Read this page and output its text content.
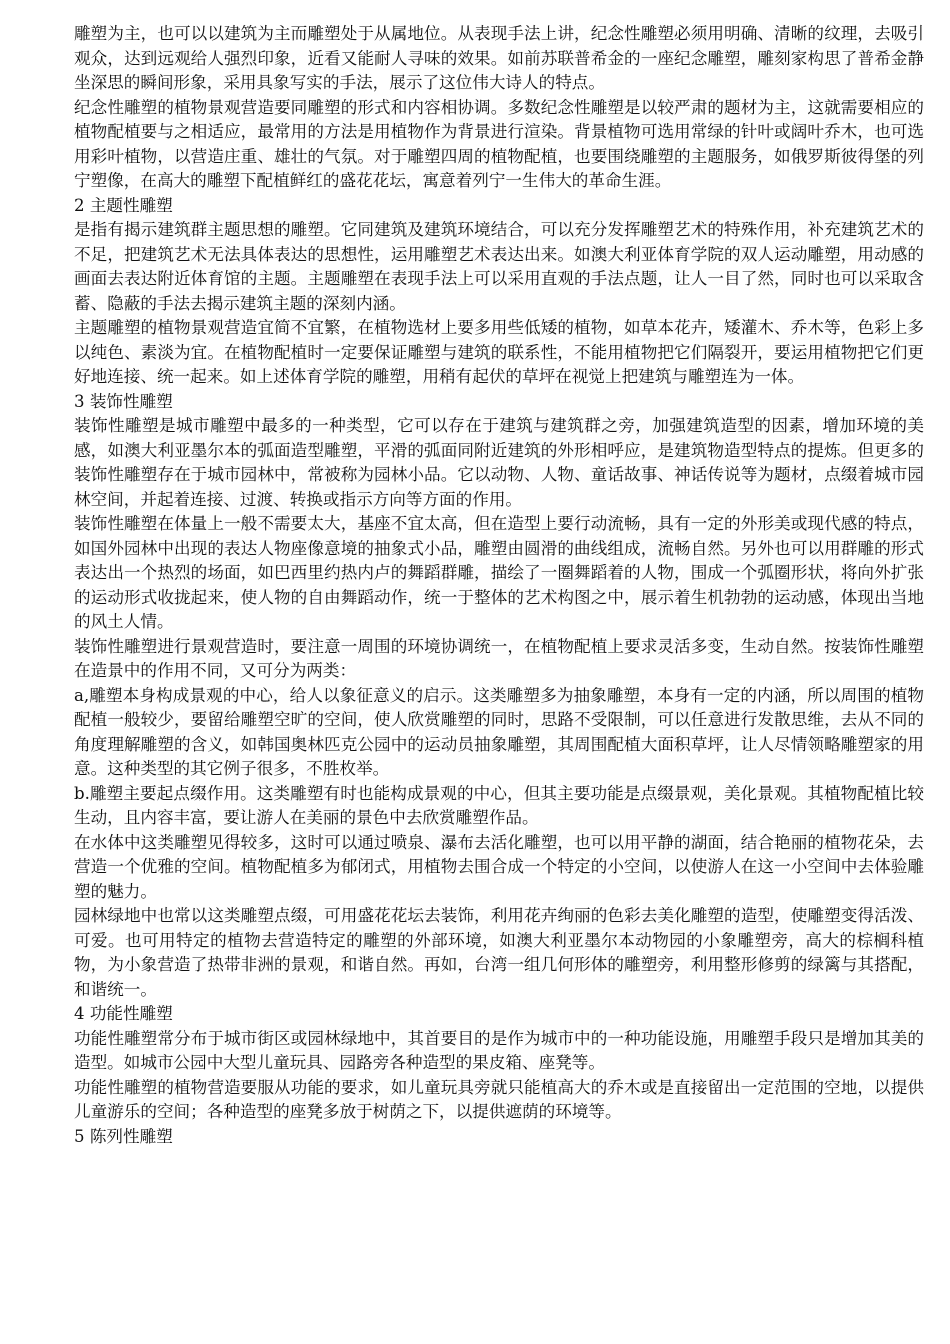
雕塑为主，也可以以建筑为主而雕塑处于从属地位。从表现手法上讲，纪念性雕塑必须用明确、清晰的纹理，去吸引观众，达到远观给人强烈印象，近看又能耐人寻味的效果。如前苏联普希金的一座纪念雕塑，雕刻家构思了普希金静坐深思的瞬间形象，采用具象写实的手法，展示了这位伟大诗人的特点。

纪念性雕塑的植物景观营造要同雕塑的形式和内容相协调。多数纪念性雕塑是以较严肃的题材为主，这就需要相应的植物配植要与之相适应，最常用的方法是用植物作为背景进行渲染。背景植物可选用常绿的针叶或阔叶乔木，也可选用彩叶植物，以营造庄重、雄壮的气氛。对于雕塑四周的植物配植，也要围绕雕塑的主题服务，如俄罗斯彼得堡的列宁塑像，在高大的雕塑下配植鲜红的盛花花坛，寓意着列宁一生伟大的革命生涯。

2 主题性雕塑

是指有揭示建筑群主题思想的雕塑。它同建筑及建筑环境结合，可以充分发挥雕塑艺术的特殊作用，补充建筑艺术的不足，把建筑艺术无法具体表达的思想性，运用雕塑艺术表达出来。如澳大利亚体育学院的双人运动雕塑，用动感的画面去表达附近体育馆的主题。主题雕塑在表现手法上可以采用直观的手法点题，让人一目了然，同时也可以采取含蓄、隐蔽的手法去揭示建筑主题的深刻内涵。

主题雕塑的植物景观营造宜简不宜繁，在植物选材上要多用些低矮的植物，如草本花卉，矮灌木、乔木等，色彩上多以纯色、素淡为宜。在植物配植时一定要保证雕塑与建筑的联系性，不能用植物把它们隔裂开，要运用植物把它们更好地连接、统一起来。如上述体育学院的雕塑，用稍有起伏的草坪在视觉上把建筑与雕塑连为一体。

3 装饰性雕塑

装饰性雕塑是城市雕塑中最多的一种类型，它可以存在于建筑与建筑群之旁，加强建筑造型的因素，增加环境的美感，如澳大利亚墨尔本的弧面造型雕塑，平滑的弧面同附近建筑的外形相呼应，是建筑物造型特点的提炼。但更多的装饰性雕塑存在于城市园林中，常被称为园林小品。它以动物、人物、童话故事、神话传说等为题材，点缀着城市园林空间，并起着连接、过渡、转换或指示方向等方面的作用。

装饰性雕塑在体量上一般不需要太大，基座不宜太高，但在造型上要行动流畅，具有一定的外形美或现代感的特点，如国外园林中出现的表达人物座像意境的抽象式小品，雕塑由圆滑的曲线组成，流畅自然。另外也可以用群雕的形式表达出一个热烈的场面，如巴西里约热内卢的舞蹈群雕，描绘了一圈舞蹈着的人物，围成一个弧圈形状，将向外扩张的运动形式收拢起来，使人物的自由舞蹈动作，统一于整体的艺术构图之中，展示着生机勃勃的运动感，体现出当地的风土人情。

装饰性雕塑进行景观营造时，要注意一周围的环境协调统一，在植物配植上要求灵活多变，生动自然。按装饰性雕塑在造景中的作用不同，又可分为两类：

a,雕塑本身构成景观的中心，给人以象征意义的启示。这类雕塑多为抽象雕塑，本身有一定的内涵，所以周围的植物配植一般较少，要留给雕塑空旷的空间，使人欣赏雕塑的同时，思路不受限制，可以任意进行发散思维，去从不同的角度理解雕塑的含义，如韩国奥林匹克公园中的运动员抽象雕塑，其周围配植大面积草坪，让人尽情领略雕塑家的用意。这种类型的其它例子很多，不胜枚举。

b.雕塑主要起点缀作用。这类雕塑有时也能构成景观的中心，但其主要功能是点缀景观，美化景观。其植物配植比较生动，且内容丰富，要让游人在美丽的景色中去欣赏雕塑作品。

在水体中这类雕塑见得较多，这时可以通过喷泉、瀑布去活化雕塑，也可以用平静的湖面，结合艳丽的植物花朵，去营造一个优雅的空间。植物配植多为郁闭式，用植物去围合成一个特定的小空间，以使游人在这一小空间中去体验雕塑的魅力。

园林绿地中也常以这类雕塑点缀，可用盛花花坛去装饰，利用花卉绚丽的色彩去美化雕塑的造型，使雕塑变得活泼、可爱。也可用特定的植物去营造特定的雕塑的外部环境，如澳大利亚墨尔本动物园的小象雕塑旁，高大的棕榈科植物，为小象营造了热带非洲的景观，和谐自然。再如，台湾一组几何形体的雕塑旁，利用整形修剪的绿篱与其搭配，和谐统一。

4 功能性雕塑

功能性雕塑常分布于城市街区或园林绿地中，其首要目的是作为城市中的一种功能设施，用雕塑手段只是增加其美的造型。如城市公园中大型儿童玩具、园路旁各种造型的果皮箱、座凳等。

功能性雕塑的植物营造要服从功能的要求，如儿童玩具旁就只能植高大的乔木或是直接留出一定范围的空地，以提供儿童游乐的空间；各种造型的座凳多放于树荫之下，以提供遮荫的环境等。

5 陈列性雕塑
